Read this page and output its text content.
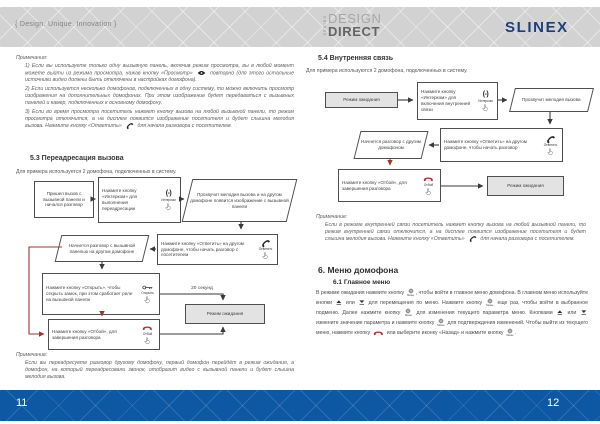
{ Design. Unique. Innovation }	SERIES DESIGN
DIRECT	SLINEX
Примечания:

1) Если вы используете только одну вызывную панель, включив режим просмотра, вы в любой момент можете выйти из режима просмотра, нажав кнопку «Просмотр»	повторно (для этого остальные источники видео должны быть отключены в настройках домофона).

2) Если используется несколько домофонов, подключенных в одну систему, то можно включить просмотр изображения на дополнительных домофонах. При этом изображение будет передаваться с вызывных панелей и камер, подключенных к основному домофону.

3) Если во время просмотра посетитель нажмет кнопку вызова на любой вызывной панели, то режим просмотра отключится, а на дисплее появится изображение посетителя и будет слышна мелодия вызова. Нажмите кнопку «Ответить»
для начала разговора с посетителем.

5.3 Переадресация вызова
Для примера используется 2 домофона, подключенных в систему.
Пришел вызов с вызывной панели и начался разговор
Нажмите кнопку «Интерком» для выполнения переадресации
(-)
Интерком
Прозвучит мелодия вызова и на другом домофоне появится изображение с вызывной панели
Нажмите кнопку «Ответить» на другом домофоне, чтобы начать разговор с посетителем
Ответить
Начнется разговор с вызывной панелью на другом домофоне
Нажмите кнопку «Открыть», чтобы открыть замок, при этом сработает реле на вызывной панели
Открыть
20 секунд
Режим ожидания
Нажмите кнопку «Отбой», для завершения разговора
Отбой
Примечание:

Если вы переадресуете разговор другому домофону, первый домофон перейдёт в режим ожидания, а домофон, на который переадресовали звонок, отобразит видео с вызывной панели и будет слышна мелодия вызова.

5.4 Внутренняя связь
Для примера используются 2 домофона, подключенных в систему.
Режим ожидания
Нажмите кнопку «Интерком» для включения внутренней связи
(-)
Интерком	Прозвучит мелодия вызова
Нажмите кнопку «Ответить» на другом домофоне, чтобы начать разговор
Ответить
Начнется разговор с другим домофоном
Нажмите кнопку «Отбой», для завершения разговора
Отбой	Режим ожидания
Примечание:

Если в режиме внутренней связи посетитель нажмет кнопку вызова на любой вызывной панели, то режим внутренней связи отключится, а на дисплее появится изображение посетителя и будет слышна мелодия вызова. Нажмите кнопку «Ответить»
для начала разговора с посетителем.

6. Меню домофона
6.1 Главное меню
В режиме ожидания нажмите кнопку Меню , чтобы войти в главное меню домофона. В главном меню используйте кнопки
или
для перемещения по меню. Нажмите кнопку Меню еще раз, чтобы войти в выбранное подменю. Далее нажмите кнопку Меню для изменения текущего параметра меню. Кнопками
или
измените значение параметра и нажмите кнопку Меню для подтверждения изменений. Чтобы выйти из текущего меню, нажмите кнопку	или выберите иконку «Назад» и нажмите кнопку Меню .
11	12
